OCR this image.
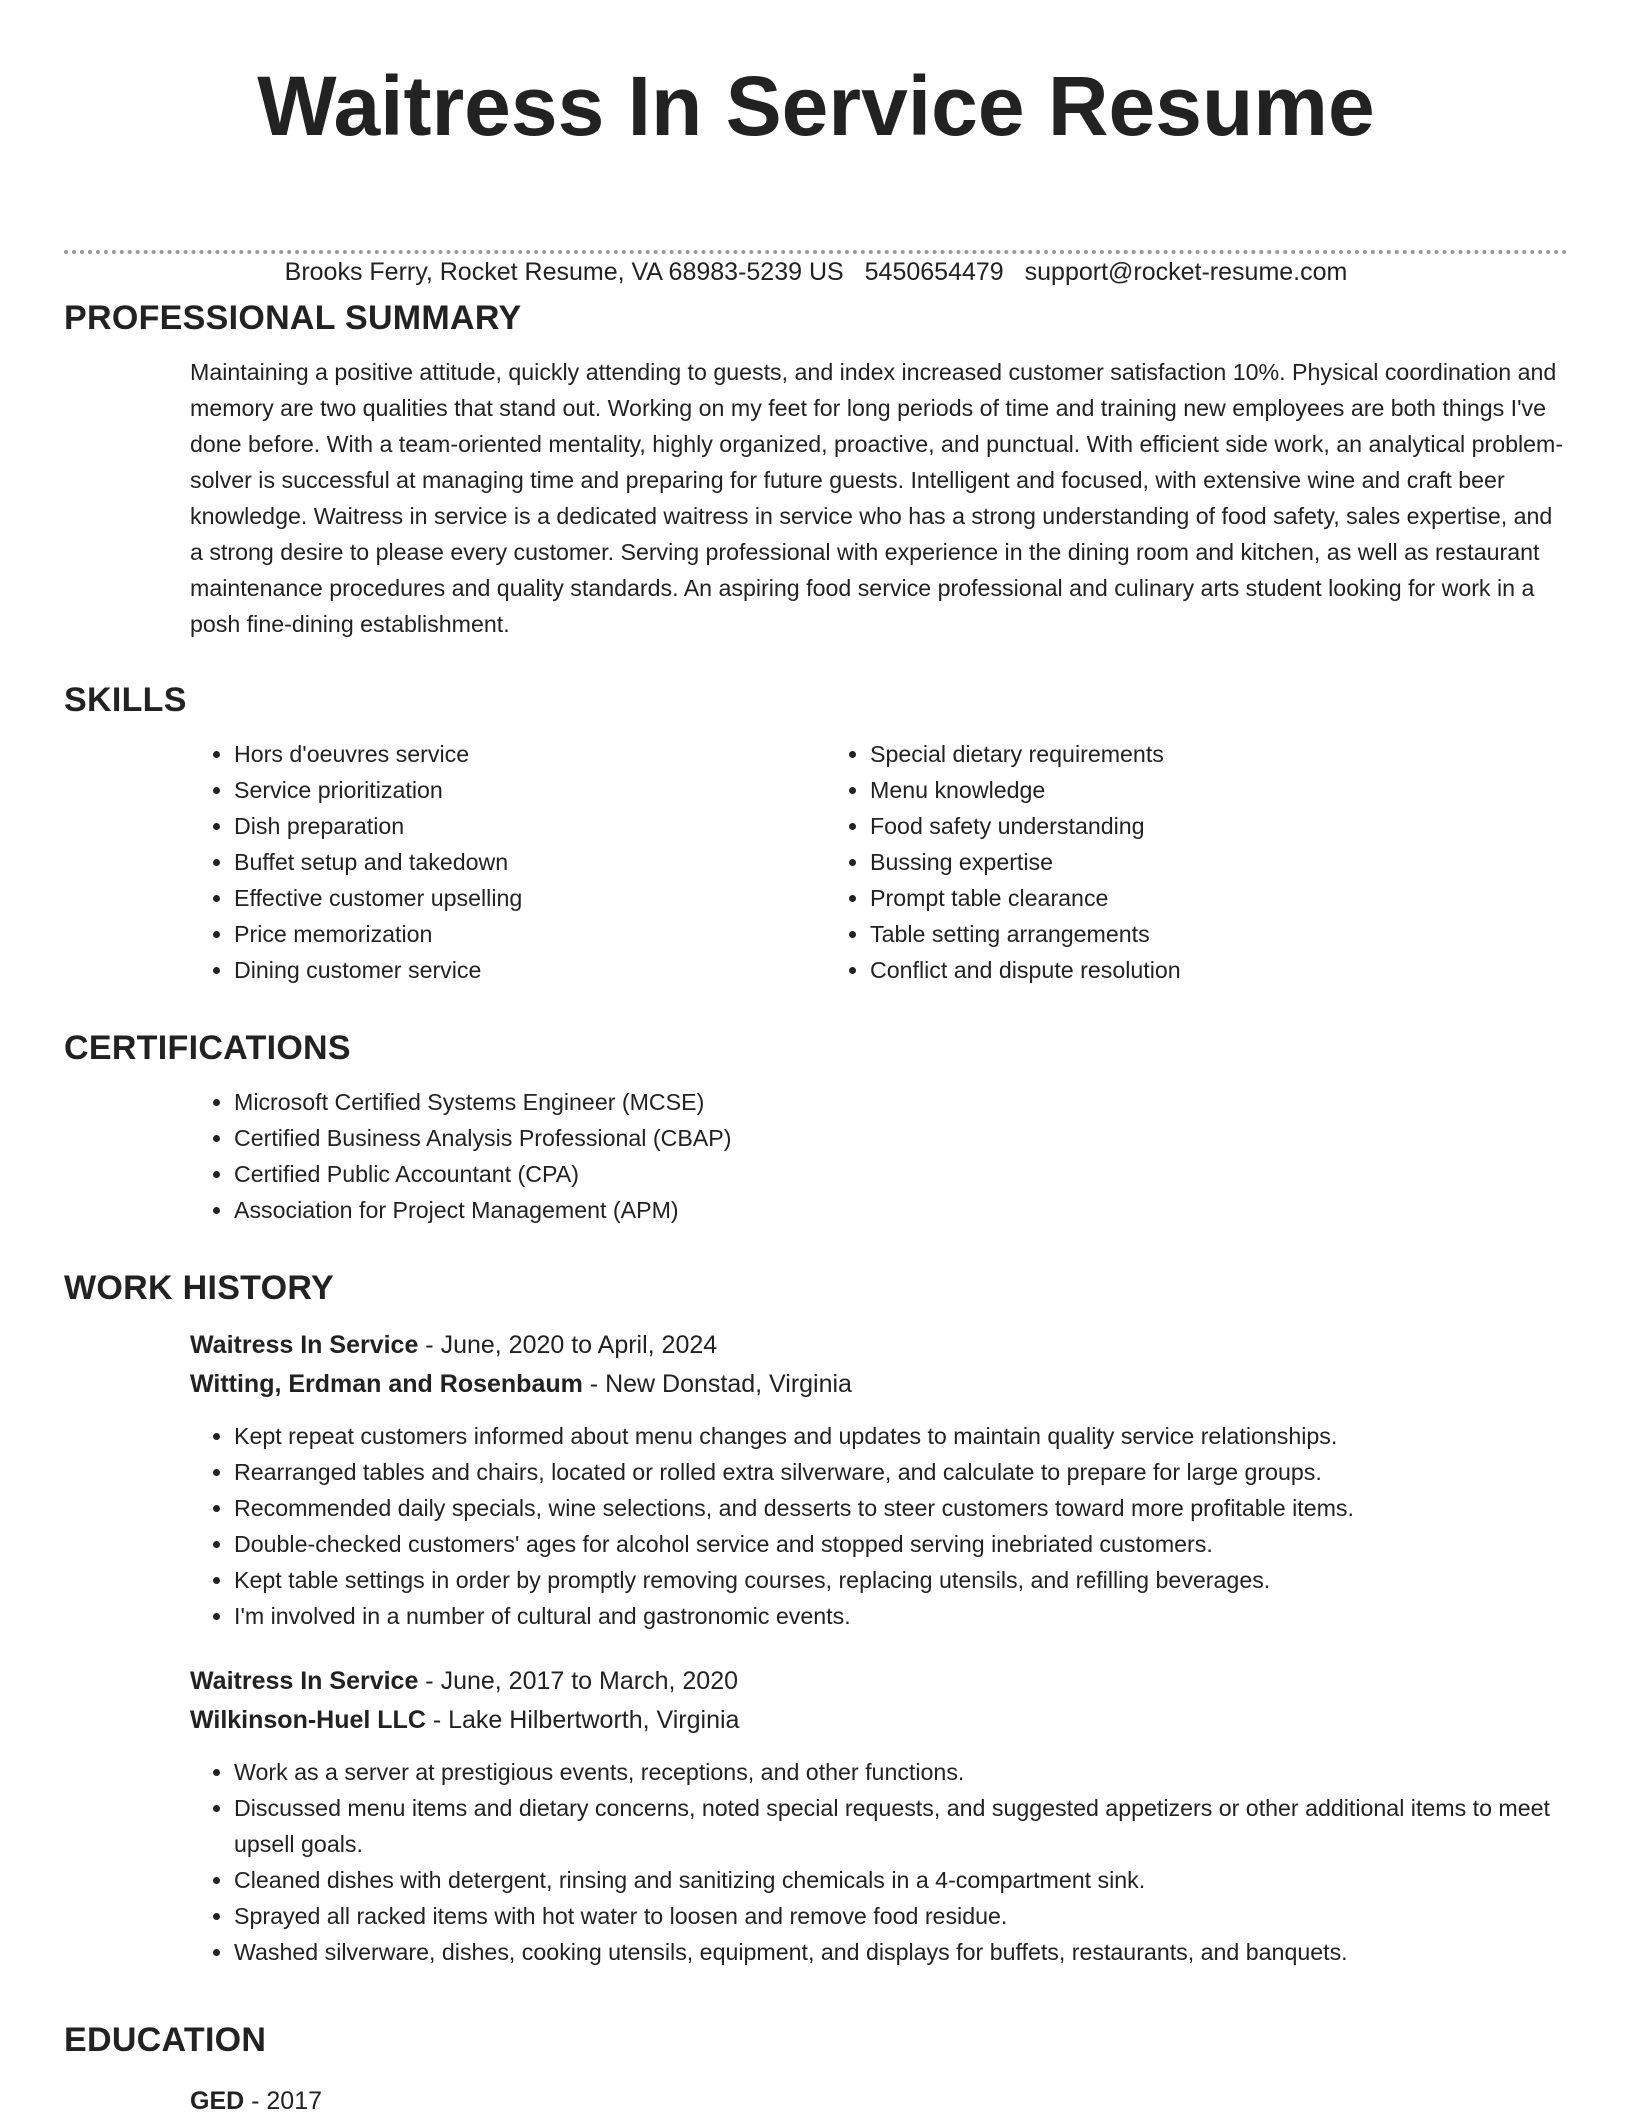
Waitress In Service Resume
Brooks Ferry, Rocket Resume, VA 68983-5239 US 5450654479 support@rocket-resume.com
PROFESSIONAL SUMMARY

Maintaining a positive attitude, quickly attending to guests, and index increased customer satisfaction 10%. Physical coordination and memory are two qualities that stand out. Working on my feet for long periods of time and training new employees are both things I've done before. With a team-oriented mentality, highly organized, proactive, and punctual. With efficient side work, an analytical problem-solver is successful at managing time and preparing for future guests. Intelligent and focused, with extensive wine and craft beer knowledge. Waitress in service is a dedicated waitress in service who has a strong understanding of food safety, sales expertise, and a strong desire to please every customer. Serving professional with experience in the dining room and kitchen, as well as restaurant maintenance procedures and quality standards. An aspiring food service professional and culinary arts student looking for work in a posh fine-dining establishment.

SKILLS
• Hors d'oeuvres service
• Service prioritization
• Dish preparation
• Buffet setup and takedown
• Effective customer upselling
• Price memorization
• Dining customer service
• Special dietary requirements
• Menu knowledge
• Food safety understanding
• Bussing expertise
• Prompt table clearance
• Table setting arrangements
• Conflict and dispute resolution
CERTIFICATIONS
• Microsoft Certified Systems Engineer (MCSE)
• Certified Business Analysis Professional (CBAP)
• Certified Public Accountant (CPA)
• Association for Project Management (APM)
WORK HISTORY
Waitress In Service - June, 2020 to April, 2024
Witting, Erdman and Rosenbaum - New Donstad, Virginia
• Kept repeat customers informed about menu changes and updates to maintain quality service relationships.
• Rearranged tables and chairs, located or rolled extra silverware, and calculate to prepare for large groups.
• Recommended daily specials, wine selections, and desserts to steer customers toward more profitable items.
• Double-checked customers' ages for alcohol service and stopped serving inebriated customers.
• Kept table settings in order by promptly removing courses, replacing utensils, and refilling beverages.
• I'm involved in a number of cultural and gastronomic events.
Waitress In Service - June, 2017 to March, 2020
Wilkinson-Huel LLC - Lake Hilbertworth, Virginia
• Work as a server at prestigious events, receptions, and other functions.
• Discussed menu items and dietary concerns, noted special requests, and suggested appetizers or other additional items to meet upsell goals.
• Cleaned dishes with detergent, rinsing and sanitizing chemicals in a 4-compartment sink.
• Sprayed all racked items with hot water to loosen and remove food residue.
• Washed silverware, dishes, cooking utensils, equipment, and displays for buffets, restaurants, and banquets.
EDUCATION
GED - 2017
